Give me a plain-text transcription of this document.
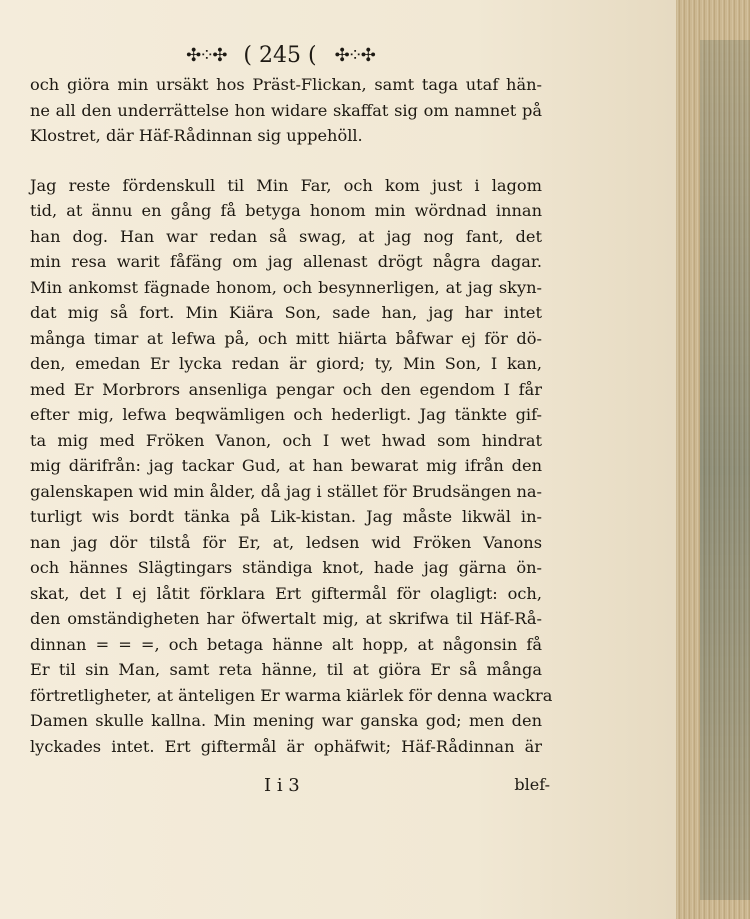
✣⁘✣ ( 245 ( ✣⁘✣
och giöra min ursäkt hos Präst-Flickan, samt taga utaf hän-
ne all den underrättelse hon widare skaffat sig om namnet på
Klostret, där Häf-Rådinnan sig uppehöll.
Jag reste fördenskull til Min Far, och kom just i lagom
tid, at ännu en gång få betyga honom min wördnad innan
han dog. Han war redan så swag, at jag nog fant, det
min resa warit fåfäng om jag allenast drögt några dagar.
Min ankomst fägnade honom, och besynnerligen, at jag skyn-
dat mig så fort. Min Kiära Son, sade han, jag har intet
många timar at lefwa på, och mitt hiärta båfwar ej för dö-
den, emedan Er lycka redan är giord; ty, Min Son, I kan,
med Er Morbrors ansenliga pengar och den egendom I får
efter mig, lefwa beqwämligen och hederligt. Jag tänkte gif-
ta mig med Fröken Vanon, och I wet hwad som hindrat
mig därifrån: jag tackar Gud, at han bewarat mig ifrån den
galenskapen wid min ålder, då jag i stället för Brudsängen na-
turligt wis bordt tänka på Lik-kistan. Jag måste likwäl in-
nan jag dör tilstå för Er, at, ledsen wid Fröken Vanons
och hännes Slägtingars ständiga knot, hade jag gärna ön-
skat, det I ej låtit förklara Ert giftermål för olagligt: och,
den omständigheten har öfwertalt mig, at skrifwa til Häf-Rå-
dinnan = = =, och betaga hänne alt hopp, at någonsin få
Er til sin Man, samt reta hänne, til at giöra Er så många
förtretligheter, at änteligen Er warma kiärlek för denna wackra
Damen skulle kallna. Min mening war ganska god; men den
lyckades intet. Ert giftermål är ophäfwit; Häf-Rådinnan är
I i 3	blef-
